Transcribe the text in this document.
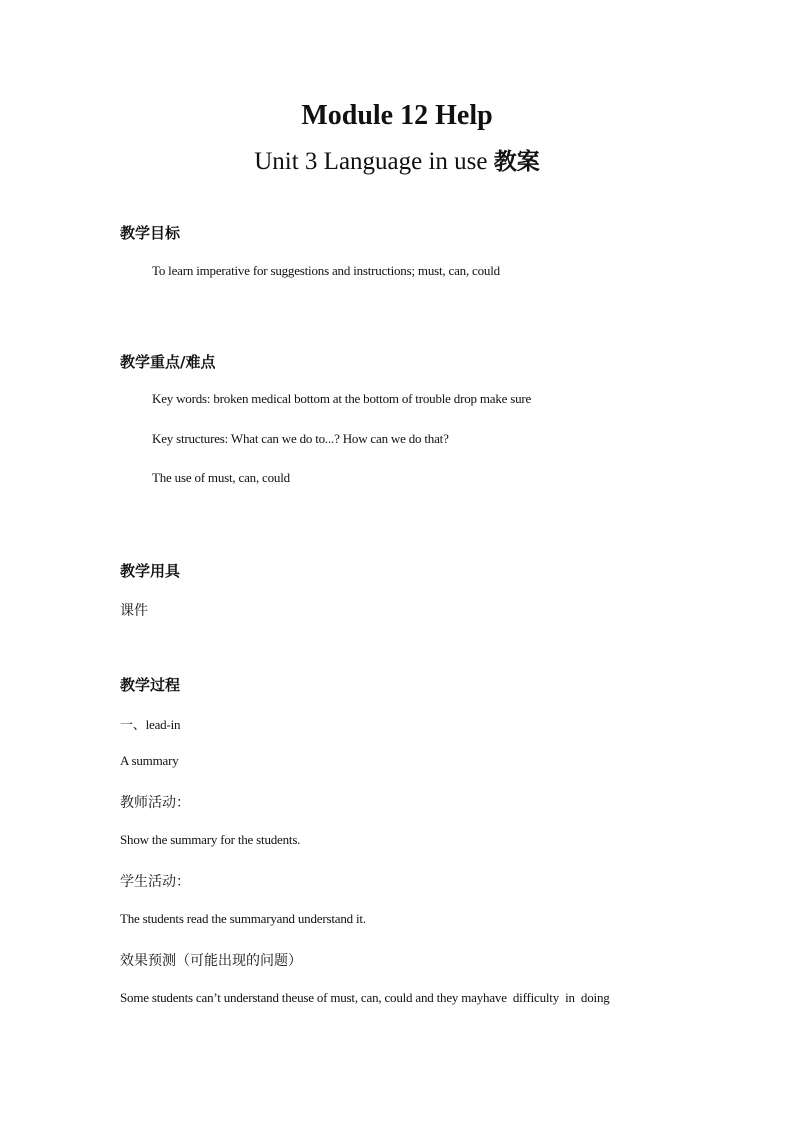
Module 12 Help
Unit 3 Language in use 教案
教学目标
To learn imperative for suggestions and instructions; must, can, could
教学重点/难点
Key words: broken medical bottom at the bottom of trouble drop make sure
Key structures: What can we do to...? How can we do that?
The use of must, can, could
教学用具
课件
教学过程
一、lead-in
A summary
教师活动：
Show the summary for the students.
学生活动：
The students read the summaryand understand it.
效果预测（可能出现的问题）
Some students can’t understand theuse of must, can, could and they mayhave  difficulty  in  doing
